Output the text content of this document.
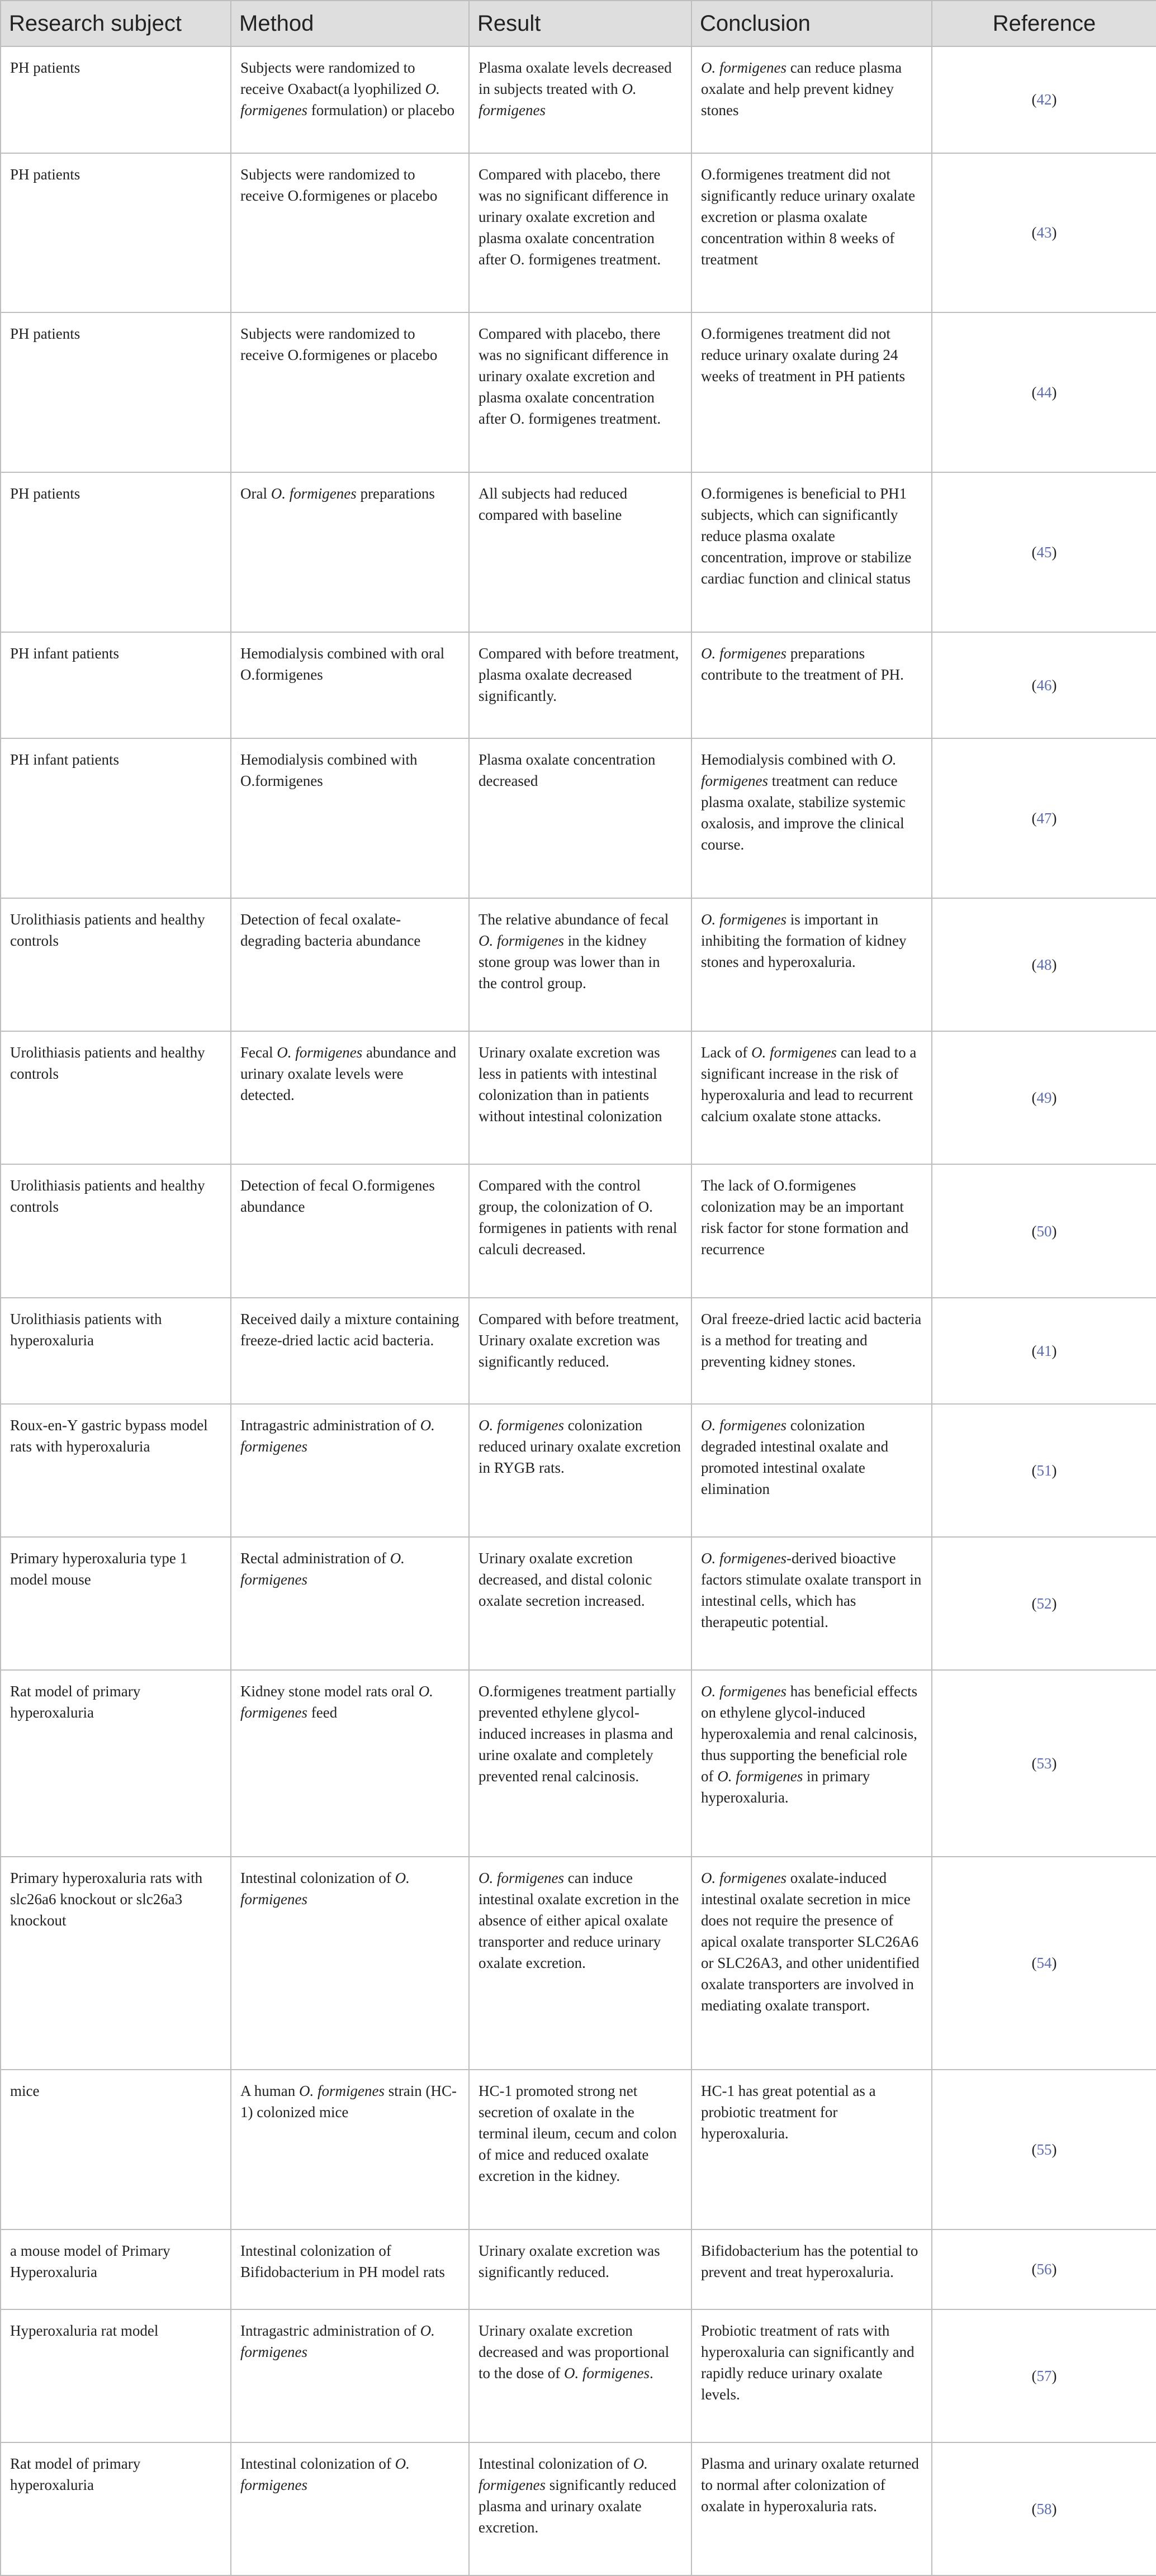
Research subject	Method	Result	Conclusion	Reference
PH patients	Subjects were randomized to receive Oxabact(a lyophilized O. formigenes formulation) or placebo	Plasma oxalate levels decreased in subjects treated with O. formigenes	O. formigenes can reduce plasma oxalate and help prevent kidney stones	(42)
PH patients	Subjects were randomized to receive O.formigenes or placebo	Compared with placebo, there was no significant difference in urinary oxalate excretion and plasma oxalate concentration after O. formigenes treatment.	O.formigenes treatment did not significantly reduce urinary oxalate excretion or plasma oxalate concentration within 8 weeks of treatment	(43)
PH patients	Subjects were randomized to receive O.formigenes or placebo	Compared with placebo, there was no significant difference in urinary oxalate excretion and plasma oxalate concentration after O. formigenes treatment.	O.formigenes treatment did not reduce urinary oxalate during 24 weeks of treatment in PH patients	(44)
PH patients	Oral O. formigenes preparations	All subjects had reduced compared with baseline	O.formigenes is beneficial to PH1 subjects, which can significantly reduce plasma oxalate concentration, improve or stabilize cardiac function and clinical status	(45)
PH infant patients	Hemodialysis combined with oral O.formigenes	Compared with before treatment, plasma oxalate decreased significantly.	O. formigenes preparations contribute to the treatment of PH.	(46)
PH infant patients	Hemodialysis combined with O.formigenes	Plasma oxalate concentration decreased	Hemodialysis combined with O. formigenes treatment can reduce plasma oxalate, stabilize systemic oxalosis, and improve the clinical course.	(47)
Urolithiasis patients and healthy controls	Detection of fecal oxalate-degrading bacteria abundance	The relative abundance of fecal O. formigenes in the kidney stone group was lower than in the control group.	O. formigenes is important in inhibiting the formation of kidney stones and hyperoxaluria.	(48)
Urolithiasis patients and healthy controls	Fecal O. formigenes abundance and urinary oxalate levels were detected.	Urinary oxalate excretion was less in patients with intestinal colonization than in patients without intestinal colonization	Lack of O. formigenes can lead to a significant increase in the risk of hyperoxaluria and lead to recurrent calcium oxalate stone attacks.	(49)
Urolithiasis patients and healthy controls	Detection of fecal O.formigenes abundance	Compared with the control group, the colonization of O. formigenes in patients with renal calculi decreased.	The lack of O.formigenes colonization may be an important risk factor for stone formation and recurrence	(50)
Urolithiasis patients with hyperoxaluria	Received daily a mixture containing freeze-dried lactic acid bacteria.	Compared with before treatment, Urinary oxalate excretion was significantly reduced.	Oral freeze-dried lactic acid bacteria is a method for treating and preventing kidney stones.	(41)
Roux-en-Y gastric bypass model rats with hyperoxaluria	Intragastric administration of O. formigenes	O. formigenes colonization reduced urinary oxalate excretion in RYGB rats.	O. formigenes colonization degraded intestinal oxalate and promoted intestinal oxalate elimination	(51)
Primary hyperoxaluria type 1 model mouse	Rectal administration of O. formigenes	Urinary oxalate excretion decreased, and distal colonic oxalate secretion increased.	O. formigenes-derived bioactive factors stimulate oxalate transport in intestinal cells, which has therapeutic potential.	(52)
Rat model of primary hyperoxaluria	Kidney stone model rats oral O. formigenes feed	O.formigenes treatment partially prevented ethylene glycol-induced increases in plasma and urine oxalate and completely prevented renal calcinosis.	O. formigenes has beneficial effects on ethylene glycol-induced hyperoxalemia and renal calcinosis, thus supporting the beneficial role of O. formigenes in primary hyperoxaluria.	(53)
Primary hyperoxaluria rats with slc26a6 knockout or slc26a3 knockout	Intestinal colonization of O. formigenes	O. formigenes can induce intestinal oxalate excretion in the absence of either apical oxalate transporter and reduce urinary oxalate excretion.	O. formigenes oxalate-induced intestinal oxalate secretion in mice does not require the presence of apical oxalate transporter SLC26A6 or SLC26A3, and other unidentified oxalate transporters are involved in mediating oxalate transport.	(54)
mice	A human O. formigenes strain (HC-1) colonized mice	HC-1 promoted strong net secretion of oxalate in the terminal ileum, cecum and colon of mice and reduced oxalate excretion in the kidney.	HC-1 has great potential as a probiotic treatment for hyperoxaluria.	(55)
a mouse model of Primary Hyperoxaluria	Intestinal colonization of Bifidobacterium in PH model rats	Urinary oxalate excretion was significantly reduced.	Bifidobacterium has the potential to prevent and treat hyperoxaluria.	(56)
Hyperoxaluria rat model	Intragastric administration of O. formigenes	Urinary oxalate excretion decreased and was proportional to the dose of O. formigenes.	Probiotic treatment of rats with hyperoxaluria can significantly and rapidly reduce urinary oxalate levels.	(57)
Rat model of primary hyperoxaluria	Intestinal colonization of O. formigenes	Intestinal colonization of O. formigenes significantly reduced plasma and urinary oxalate excretion.	Plasma and urinary oxalate returned to normal after colonization of oxalate in hyperoxaluria rats.	(58)
